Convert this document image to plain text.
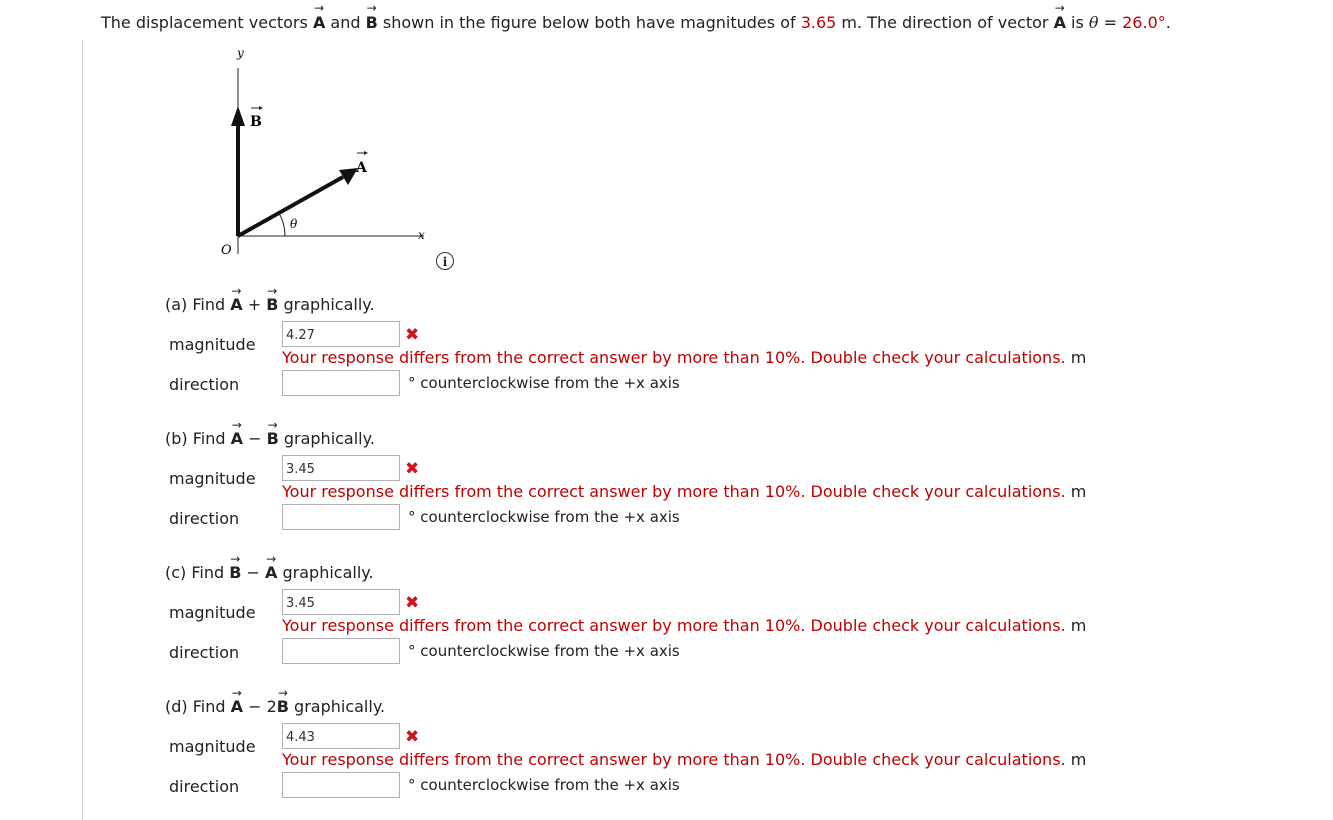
The displacement vectors → A and → B shown in the figure below both have magnitudes of 3.65 m. The direction of vector → A is θ = 26.0°.
θ
y
x
O
B
A
i
(a) Find → A + → B graphically.
magnitude
4.27	✖
Your response differs from the correct answer by more than 10%. Double check your calculations. m
direction	° counterclockwise from the +x axis
(b) Find → A − → B graphically.
magnitude
3.45	✖
Your response differs from the correct answer by more than 10%. Double check your calculations. m
direction	° counterclockwise from the +x axis
(c) Find → B − → A graphically.
magnitude
3.45	✖
Your response differs from the correct answer by more than 10%. Double check your calculations. m
direction	° counterclockwise from the +x axis
(d) Find → A − 2→ B graphically.
magnitude
4.43	✖
Your response differs from the correct answer by more than 10%. Double check your calculations. m
direction	° counterclockwise from the +x axis
